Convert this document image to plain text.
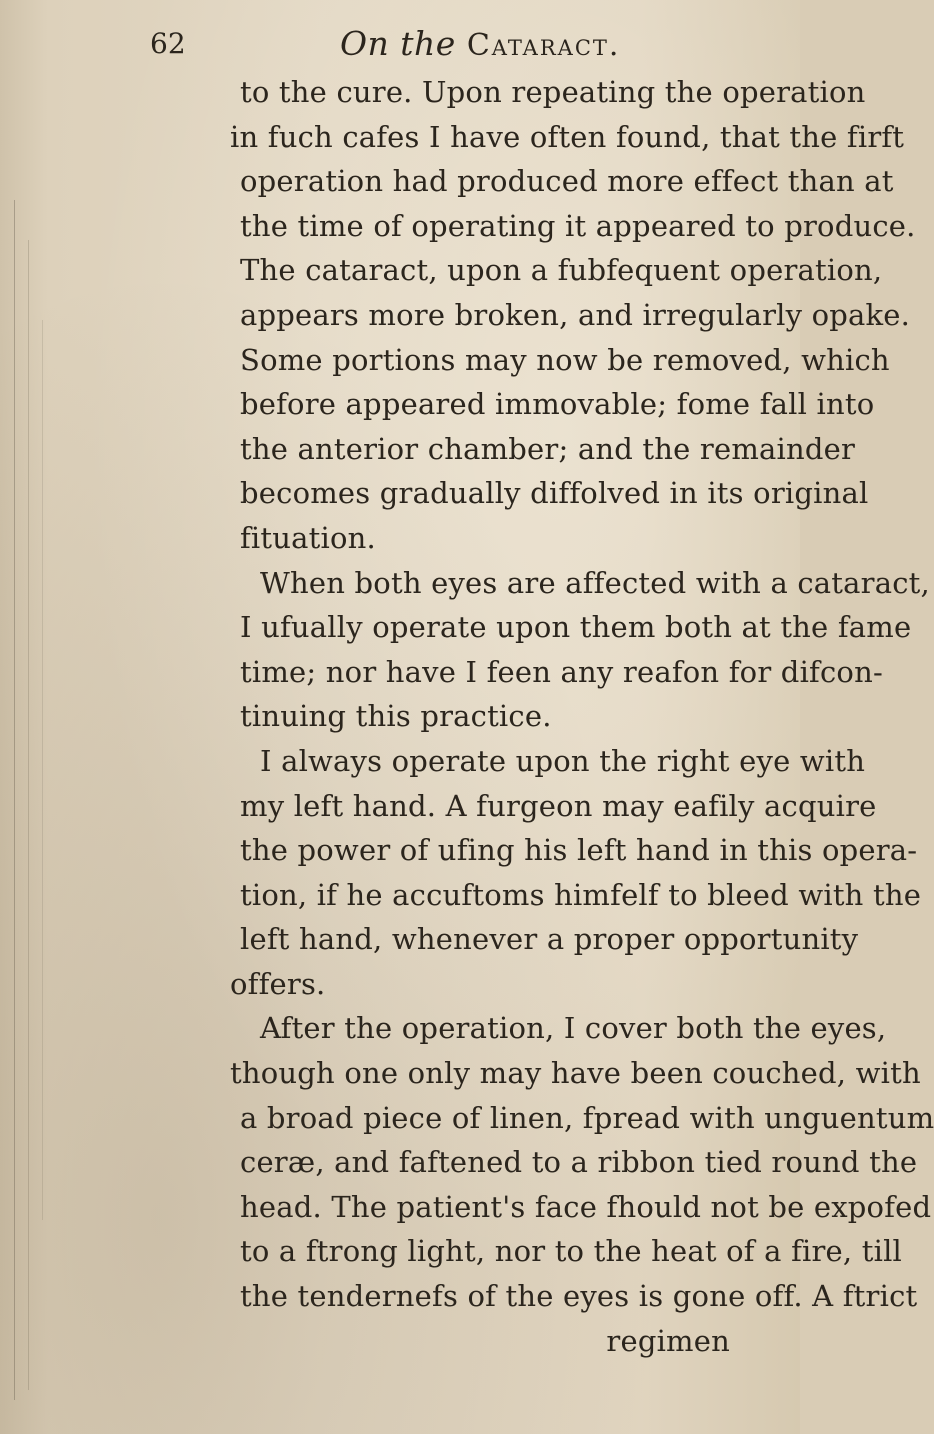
62	On the Cataract.
to the cure. Upon repeating the operation
in fuch cafes I have often found, that the firft
operation had produced more effect than at
the time of operating it appeared to produce.
The cataract, upon a fubfequent operation,
appears more broken, and irregularly opake.
Some portions may now be removed, which
before appeared immovable; fome fall into
the anterior chamber; and the remainder
becomes gradually diffolved in its original
fituation.
When both eyes are affected with a cataract,
I ufually operate upon them both at the fame
time; nor have I feen any reafon for difcon-
tinuing this practice.
I always operate upon the right eye with
my left hand. A furgeon may eafily acquire
the power of ufing his left hand in this opera-
tion, if he accuftoms himfelf to bleed with the
left hand, whenever a proper opportunity
offers.
After the operation, I cover both the eyes,
though one only may have been couched, with
a broad piece of linen, fpread with unguentum
ceræ, and faftened to a ribbon tied round the
head. The patient's face fhould not be expofed
to a ftrong light, nor to the heat of a fire, till
the tendernefs of the eyes is gone off. A ftrict
regimen
